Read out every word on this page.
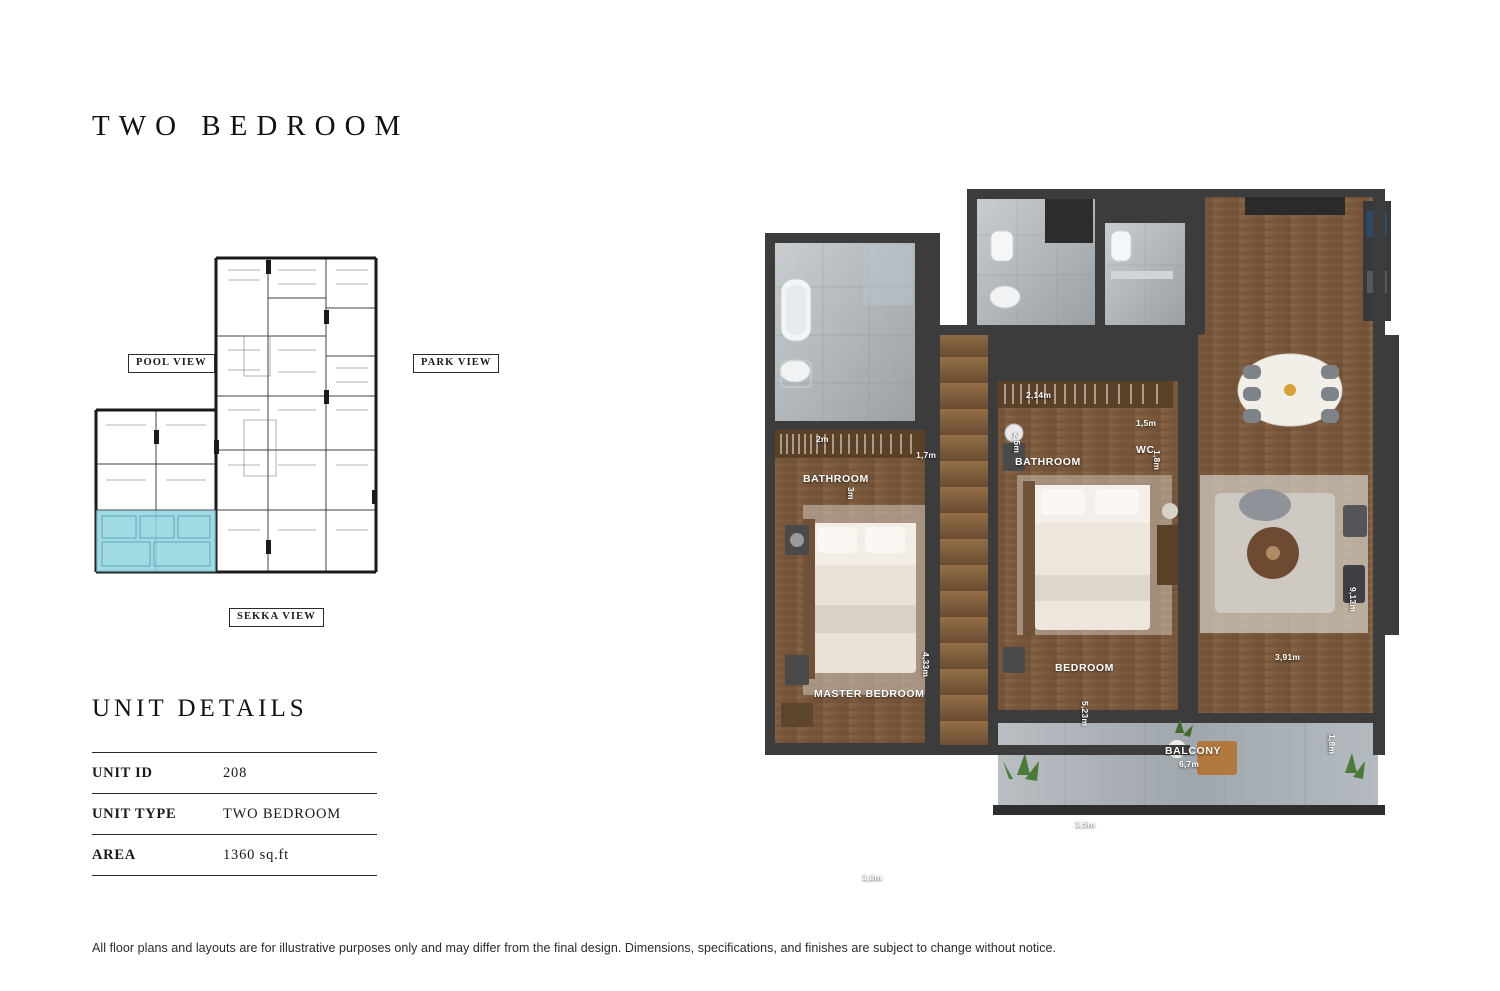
TWO BEDROOM
POOL VIEW	PARK VIEW
SEKKA VIEW
UNIT DETAILS
UNIT ID	208
UNIT TYPE	TWO BEDROOM
AREA	1360 sq.ft
All floor plans and layouts are for illustrative purposes only and may differ from the final design. Dimensions, specifications, and finishes are subject to change without notice.
BATHROOM
BATHROOM
WC
MASTER BEDROOM
BEDROOM
BALCONY
2m
3m
1,7m
2,14m
2,5m
1,5m
1,8m
4,33m
3,8m
5,23m
3,5m
9,13m
3,91m
6,7m
1,8m
